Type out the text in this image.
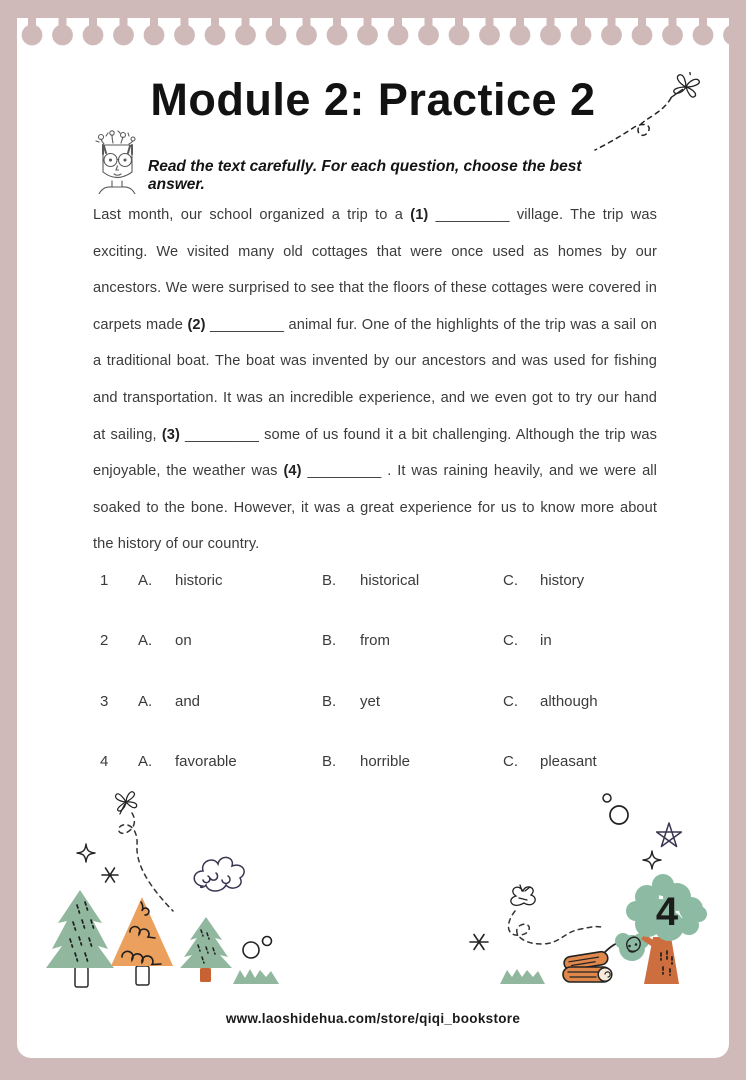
Module 2: Practice 2

Read the text carefully. For each question, choose the best answer.

Last month, our school organized a trip to a (1) _________ village. The trip was exciting. We visited many old cottages that were once used as homes by our ancestors. We were surprised to see that the floors of these cottages were covered in carpets made (2) _________ animal fur. One of the highlights of the trip was a sail on a traditional boat. The boat was invented by our ancestors and was used for fishing and transportation. It was an incredible experience, and we even got to try our hand at sailing, (3) _________ some of us found it a bit challenging. Although the trip was enjoyable, the weather was (4) _________ . It was raining heavily, and we were all soaked to the bone. However, it was a great experience for us to know more about the history of our country.

1	A.	historic	B.	historical	C.	history
2	A.	on	B.	from	C.	in
3	A.	and	B.	yet	C.	although
4	A.	favorable	B.	horrible	C.	pleasant
4
www.laoshidehua.com/store/qiqi_bookstore
